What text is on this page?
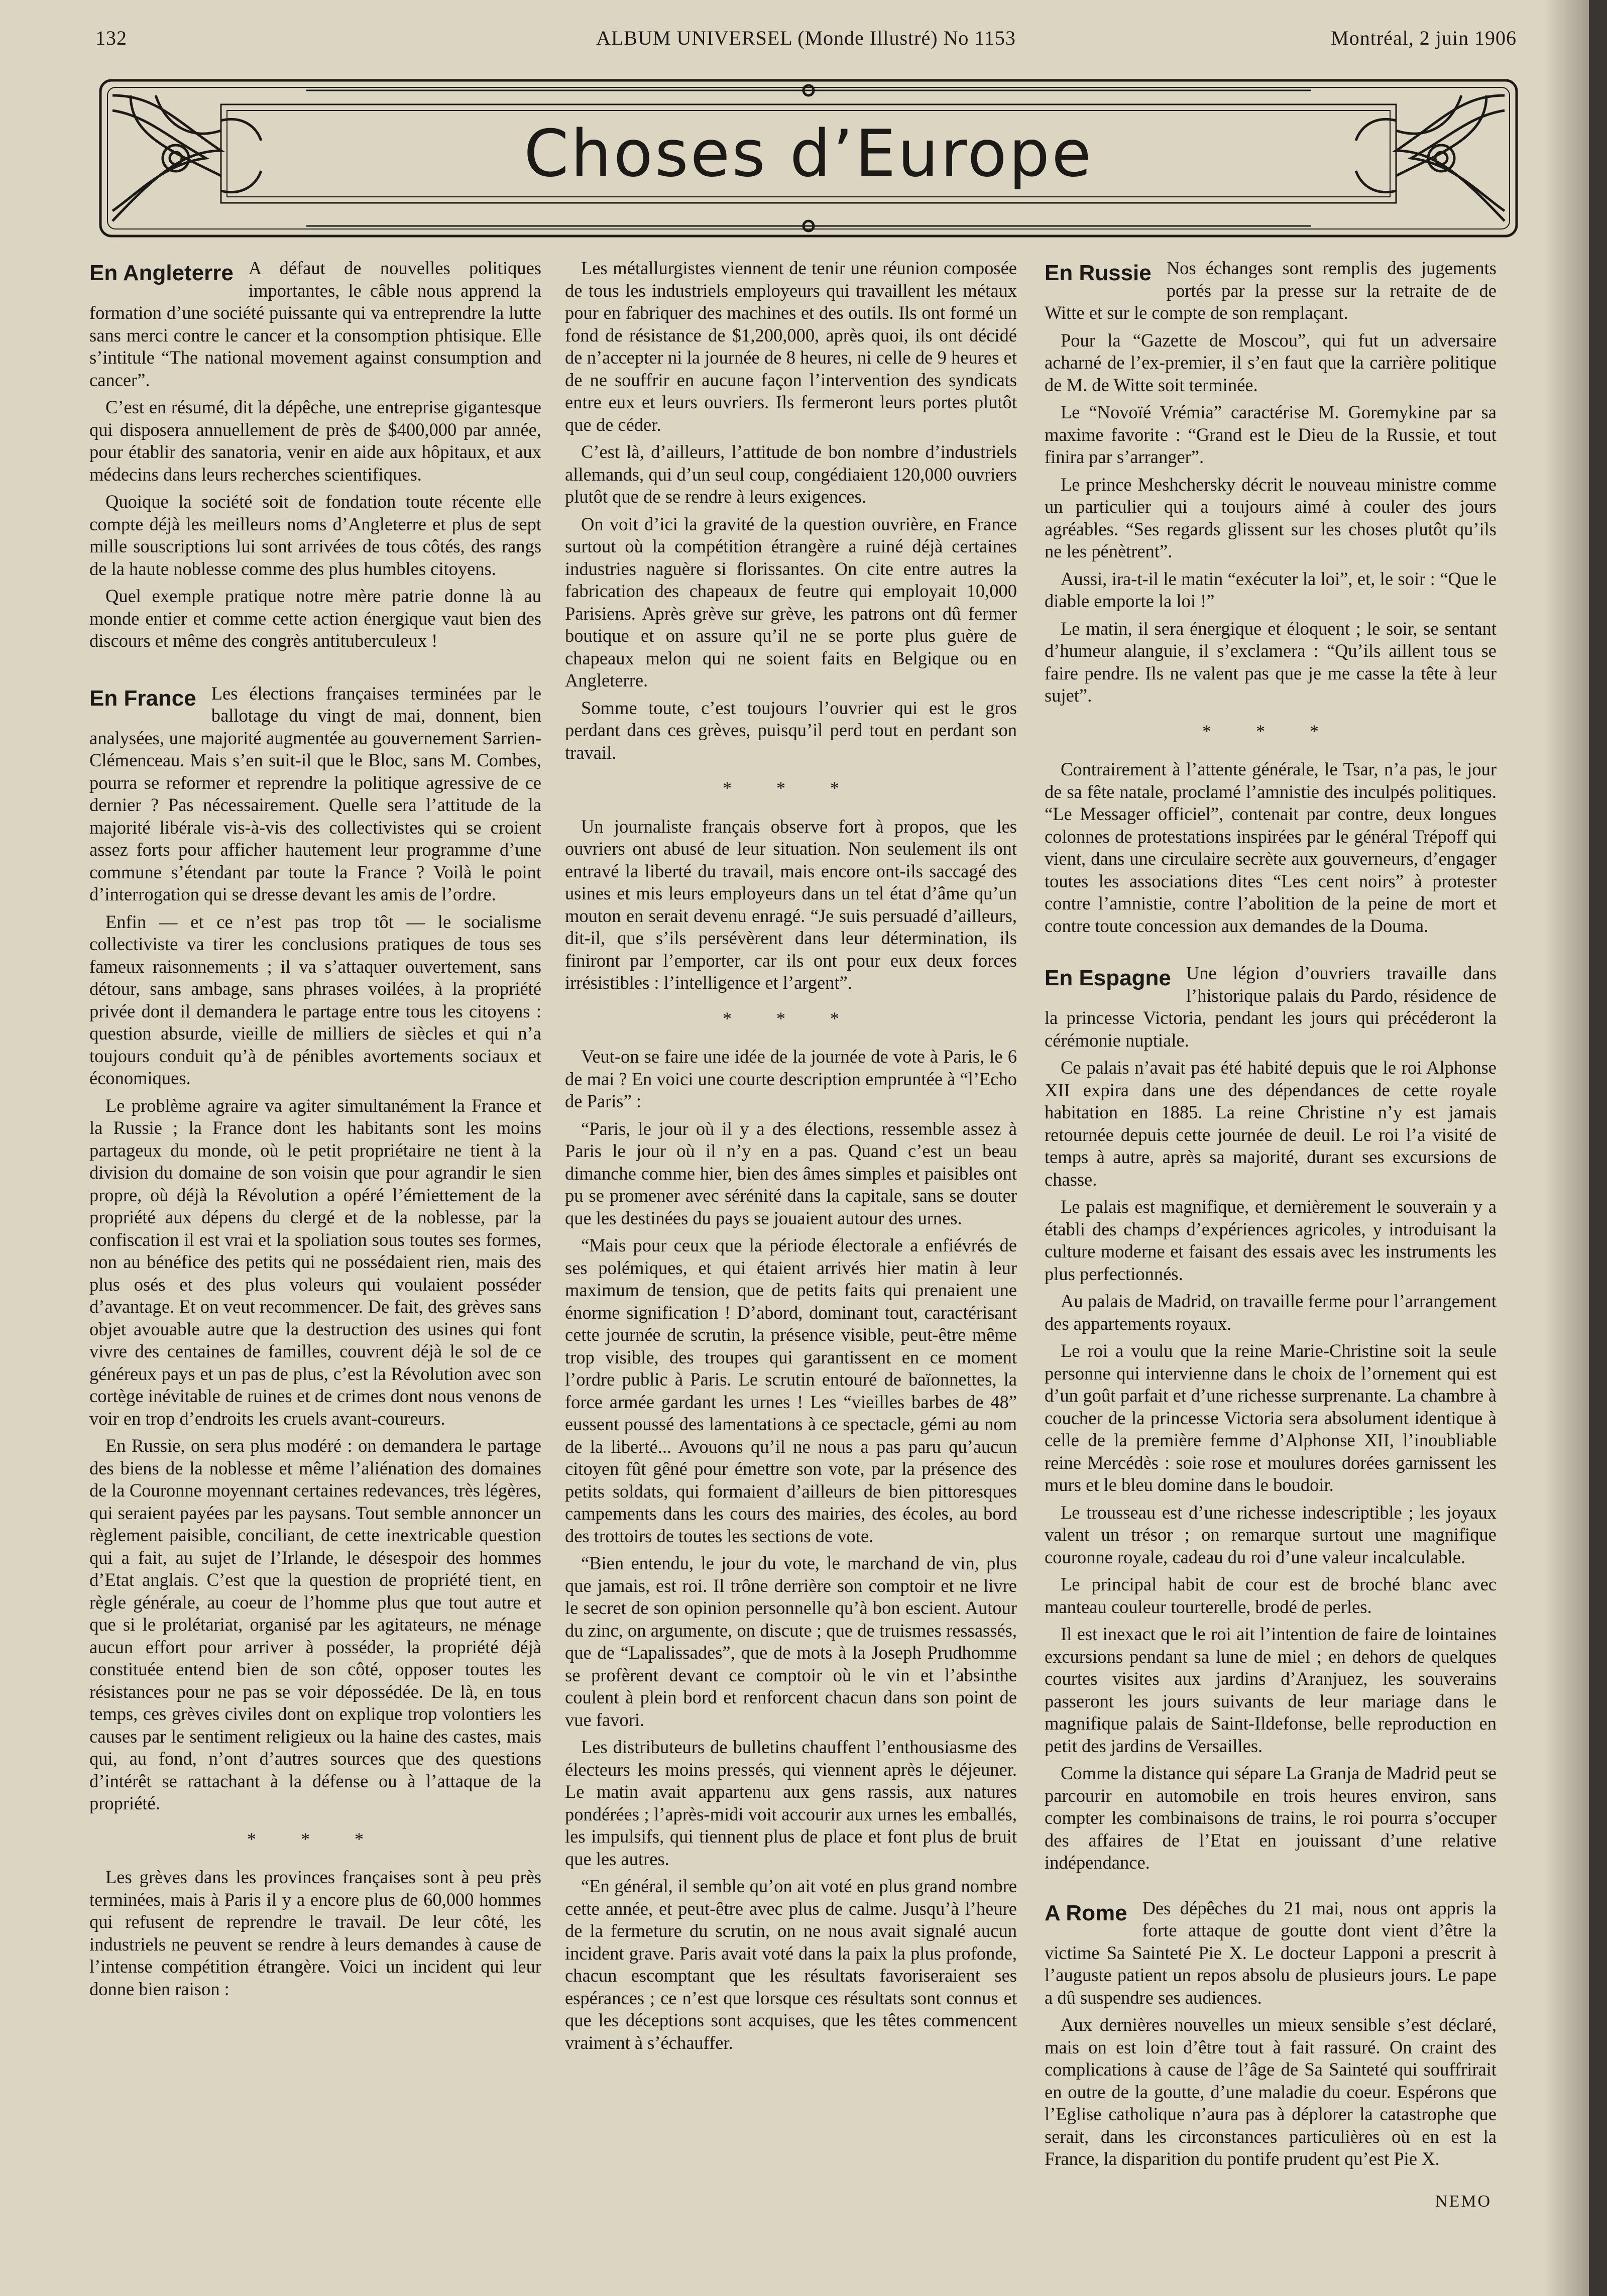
132	ALBUM UNIVERSEL (Monde Illustré) No 1153	Montréal, 2 juin 1906
Choses d’Europe
En Angleterre A défaut de nouvelles politiques importantes, le câble nous apprend la formation d’une société puissante qui va entreprendre la lutte sans merci contre le cancer et la consomption phtisique. Elle s’intitule “The national movement against consumption and cancer”.

C’est en résumé, dit la dépêche, une entreprise gigantesque qui disposera annuellement de près de $400,000 par année, pour établir des sanatoria, venir en aide aux hôpitaux, et aux médecins dans leurs recherches scientifiques.

Quoique la société soit de fondation toute récente elle compte déjà les meilleurs noms d’Angleterre et plus de sept mille souscriptions lui sont arrivées de tous côtés, des rangs de la haute noblesse comme des plus humbles citoyens.

Quel exemple pratique notre mère patrie donne là au monde entier et comme cette action énergique vaut bien des discours et même des congrès antituberculeux !

En France Les élections françaises terminées par le ballotage du vingt de mai, donnent, bien analysées, une majorité augmentée au gouvernement Sarrien-Clémenceau. Mais s’en suit-il que le Bloc, sans M. Combes, pourra se reformer et reprendre la politique agressive de ce dernier ? Pas nécessairement. Quelle sera l’attitude de la majorité libérale vis-à-vis des collectivistes qui se croient assez forts pour afficher hautement leur programme d’une commune s’étendant par toute la France ? Voilà le point d’interrogation qui se dresse devant les amis de l’ordre.

Enfin — et ce n’est pas trop tôt — le socialisme collectiviste va tirer les conclusions pratiques de tous ses fameux raisonnements ; il va s’attaquer ouvertement, sans détour, sans ambage, sans phrases voilées, à la propriété privée dont il demandera le partage entre tous les citoyens : question absurde, vieille de milliers de siècles et qui n’a toujours conduit qu’à de pénibles avortements sociaux et économiques.

Le problème agraire va agiter simultanément la France et la Russie ; la France dont les habitants sont les moins partageux du monde, où le petit propriétaire ne tient à la division du domaine de son voisin que pour agrandir le sien propre, où déjà la Révolution a opéré l’émiettement de la propriété aux dépens du clergé et de la noblesse, par la confiscation il est vrai et la spoliation sous toutes ses formes, non au bénéfice des petits qui ne possédaient rien, mais des plus osés et des plus voleurs qui voulaient posséder d’avantage. Et on veut recommencer. De fait, des grèves sans objet avouable autre que la destruction des usines qui font vivre des centaines de familles, couvrent déjà le sol de ce généreux pays et un pas de plus, c’est la Révolution avec son cortège inévitable de ruines et de crimes dont nous venons de voir en trop d’endroits les cruels avant-coureurs.

En Russie, on sera plus modéré : on demandera le partage des biens de la noblesse et même l’aliénation des domaines de la Couronne moyennant certaines redevances, très légères, qui seraient payées par les paysans. Tout semble annoncer un règlement paisible, conciliant, de cette inextricable question qui a fait, au sujet de l’Irlande, le désespoir des hommes d’Etat anglais. C’est que la question de propriété tient, en règle générale, au coeur de l’homme plus que tout autre et que si le prolétariat, organisé par les agitateurs, ne ménage aucun effort pour arriver à posséder, la propriété déjà constituée entend bien de son côté, opposer toutes les résistances pour ne pas se voir dépossédée. De là, en tous temps, ces grèves civiles dont on explique trop volontiers les causes par le sentiment religieux ou la haine des castes, mais qui, au fond, n’ont d’autres sources que des questions d’intérêt se rattachant à la défense ou à l’attaque de la propriété.

* * *

Les grèves dans les provinces françaises sont à peu près terminées, mais à Paris il y a encore plus de 60,000 hommes qui refusent de reprendre le travail. De leur côté, les industriels ne peuvent se rendre à leurs demandes à cause de l’intense compétition étrangère. Voici un incident qui leur donne bien raison :

Les métallurgistes viennent de tenir une réunion composée de tous les industriels employeurs qui travaillent les métaux pour en fabriquer des machines et des outils. Ils ont formé un fond de résistance de $1,200,000, après quoi, ils ont décidé de n’accepter ni la journée de 8 heures, ni celle de 9 heures et de ne souffrir en aucune façon l’intervention des syndicats entre eux et leurs ouvriers. Ils fermeront leurs portes plutôt que de céder.

C’est là, d’ailleurs, l’attitude de bon nombre d’industriels allemands, qui d’un seul coup, congédiaient 120,000 ouvriers plutôt que de se rendre à leurs exigences.

On voit d’ici la gravité de la question ouvrière, en France surtout où la compétition étrangère a ruiné déjà certaines industries naguère si florissantes. On cite entre autres la fabrication des chapeaux de feutre qui employait 10,000 Parisiens. Après grève sur grève, les patrons ont dû fermer boutique et on assure qu’il ne se porte plus guère de chapeaux melon qui ne soient faits en Belgique ou en Angleterre.

Somme toute, c’est toujours l’ouvrier qui est le gros perdant dans ces grèves, puisqu’il perd tout en perdant son travail.

* * *

Un journaliste français observe fort à propos, que les ouvriers ont abusé de leur situation. Non seulement ils ont entravé la liberté du travail, mais encore ont-ils saccagé des usines et mis leurs employeurs dans un tel état d’âme qu’un mouton en serait devenu enragé. “Je suis persuadé d’ailleurs, dit-il, que s’ils persévèrent dans leur détermination, ils finiront par l’emporter, car ils ont pour eux deux forces irrésistibles : l’intelligence et l’argent”.

* * *

Veut-on se faire une idée de la journée de vote à Paris, le 6 de mai ? En voici une courte description empruntée à “l’Echo de Paris” :

“Paris, le jour où il y a des élections, ressemble assez à Paris le jour où il n’y en a pas. Quand c’est un beau dimanche comme hier, bien des âmes simples et paisibles ont pu se promener avec sérénité dans la capitale, sans se douter que les destinées du pays se jouaient autour des urnes.

“Mais pour ceux que la période électorale a enfiévrés de ses polémiques, et qui étaient arrivés hier matin à leur maximum de tension, que de petits faits qui prenaient une énorme signification ! D’abord, dominant tout, caractérisant cette journée de scrutin, la présence visible, peut-être même trop visible, des troupes qui garantissent en ce moment l’ordre public à Paris. Le scrutin entouré de baïonnettes, la force armée gardant les urnes ! Les “vieilles barbes de 48” eussent poussé des lamentations à ce spectacle, gémi au nom de la liberté... Avouons qu’il ne nous a pas paru qu’aucun citoyen fût gêné pour émettre son vote, par la présence des petits soldats, qui formaient d’ailleurs de bien pittoresques campements dans les cours des mairies, des écoles, au bord des trottoirs de toutes les sections de vote.

“Bien entendu, le jour du vote, le marchand de vin, plus que jamais, est roi. Il trône derrière son comptoir et ne livre le secret de son opinion personnelle qu’à bon escient. Autour du zinc, on argumente, on discute ; que de truismes ressassés, que de “Lapalissades”, que de mots à la Joseph Prudhomme se profèrent devant ce comptoir où le vin et l’absinthe coulent à plein bord et renforcent chacun dans son point de vue favori.

Les distributeurs de bulletins chauffent l’enthousiasme des électeurs les moins pressés, qui viennent après le déjeuner. Le matin avait appartenu aux gens rassis, aux natures pondérées ; l’après-midi voit accourir aux urnes les emballés, les impulsifs, qui tiennent plus de place et font plus de bruit que les autres.

“En général, il semble qu’on ait voté en plus grand nombre cette année, et peut-être avec plus de calme. Jusqu’à l’heure de la fermeture du scrutin, on ne nous avait signalé aucun incident grave. Paris avait voté dans la paix la plus profonde, chacun escomptant que les résultats favoriseraient ses espérances ; ce n’est que lorsque ces résultats sont connus et que les déceptions sont acquises, que les têtes commencent vraiment à s’échauffer.

En Russie Nos échanges sont remplis des jugements portés par la presse sur la retraite de de Witte et sur le compte de son remplaçant.

Pour la “Gazette de Moscou”, qui fut un adversaire acharné de l’ex-premier, il s’en faut que la carrière politique de M. de Witte soit terminée.

Le “Novoïé Vrémia” caractérise M. Goremykine par sa maxime favorite : “Grand est le Dieu de la Russie, et tout finira par s’arranger”.

Le prince Meshchersky décrit le nouveau ministre comme un particulier qui a toujours aimé à couler des jours agréables. “Ses regards glissent sur les choses plutôt qu’ils ne les pénètrent”.

Aussi, ira-t-il le matin “exécuter la loi”, et, le soir : “Que le diable emporte la loi !”

Le matin, il sera énergique et éloquent ; le soir, se sentant d’humeur alanguie, il s’exclamera : “Qu’ils aillent tous se faire pendre. Ils ne valent pas que je me casse la tête à leur sujet”.

* * *

Contrairement à l’attente générale, le Tsar, n’a pas, le jour de sa fête natale, proclamé l’amnistie des inculpés politiques. “Le Messager officiel”, contenait par contre, deux longues colonnes de protestations inspirées par le général Trépoff qui vient, dans une circulaire secrète aux gouverneurs, d’engager toutes les associations dites “Les cent noirs” à protester contre l’amnistie, contre l’abolition de la peine de mort et contre toute concession aux demandes de la Douma.

En Espagne Une légion d’ouvriers travaille dans l’historique palais du Pardo, résidence de la princesse Victoria, pendant les jours qui précéderont la cérémonie nuptiale.

Ce palais n’avait pas été habité depuis que le roi Alphonse XII expira dans une des dépendances de cette royale habitation en 1885. La reine Christine n’y est jamais retournée depuis cette journée de deuil. Le roi l’a visité de temps à autre, après sa majorité, durant ses excursions de chasse.

Le palais est magnifique, et dernièrement le souverain y a établi des champs d’expériences agricoles, y introduisant la culture moderne et faisant des essais avec les instruments les plus perfectionnés.

Au palais de Madrid, on travaille ferme pour l’arrangement des appartements royaux.

Le roi a voulu que la reine Marie-Christine soit la seule personne qui intervienne dans le choix de l’ornement qui est d’un goût parfait et d’une richesse surprenante. La chambre à coucher de la princesse Victoria sera absolument identique à celle de la première femme d’Alphonse XII, l’inoubliable reine Mercédès : soie rose et moulures dorées garnissent les murs et le bleu domine dans le boudoir.

Le trousseau est d’une richesse indescriptible ; les joyaux valent un trésor ; on remarque surtout une magnifique couronne royale, cadeau du roi d’une valeur incalculable.

Le principal habit de cour est de broché blanc avec manteau couleur tourterelle, brodé de perles.

Il est inexact que le roi ait l’intention de faire de lointaines excursions pendant sa lune de miel ; en dehors de quelques courtes visites aux jardins d’Aranjuez, les souverains passeront les jours suivants de leur mariage dans le magnifique palais de Saint-Ildefonse, belle reproduction en petit des jardins de Versailles.

Comme la distance qui sépare La Granja de Madrid peut se parcourir en automobile en trois heures environ, sans compter les combinaisons de trains, le roi pourra s’occuper des affaires de l’Etat en jouissant d’une relative indépendance.

A Rome Des dépêches du 21 mai, nous ont appris la forte attaque de goutte dont vient d’être la victime Sa Sainteté Pie X. Le docteur Lapponi a prescrit à l’auguste patient un repos absolu de plusieurs jours. Le pape a dû suspendre ses audiences.

Aux dernières nouvelles un mieux sensible s’est déclaré, mais on est loin d’être tout à fait rassuré. On craint des complications à cause de l’âge de Sa Sainteté qui souffrirait en outre de la goutte, d’une maladie du coeur. Espérons que l’Eglise catholique n’aura pas à déplorer la catastrophe que serait, dans les circonstances particulières où en est la France, la disparition du pontife prudent qu’est Pie X.

NEMO
